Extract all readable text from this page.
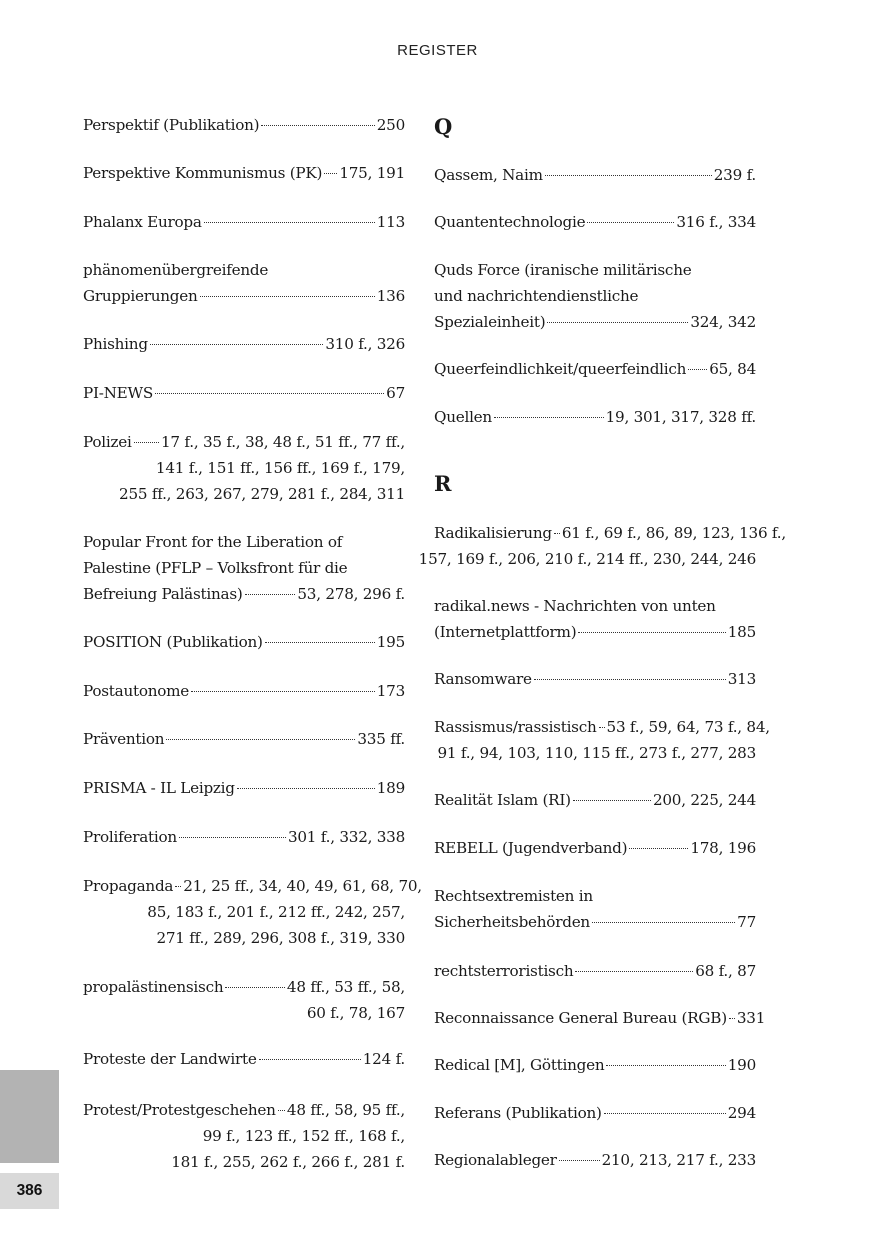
REGISTER
Perspektif (Publikation)	250
Perspektive Kommunismus (PK) 175, 191
Phalanx Europa	113
phänomenübergreifende
Gruppierungen	136
Phishing	310 f., 326
PI-NEWS	67
Polizei 17 f., 35 f., 38, 48 f., 51 ff., 77 ff.,
141 f., 151 ff., 156 ff., 169 f., 179,
255 ff., 263, 267, 279, 281 f., 284, 311
Popular Front for the Liberation of
Palestine (PFLP – Volksfront für die
Befreiung Palästinas)	53, 278, 296 f.
POSITION (Publikation)	195
Postautonome	173
Prävention	335 ff.
PRISMA - IL Leipzig	189
Proliferation	301 f., 332, 338
Propaganda 21, 25 ff., 34, 40, 49, 61, 68, 70,
85, 183 f., 201 f., 212 ff., 242, 257,
271 ff., 289, 296, 308 f., 319, 330
propalästinensisch	48 ff., 53 ff., 58,
60 f., 78, 167
Proteste der Landwirte	124 f.
Protest/Protestgeschehen 48 ff., 58, 95 ff.,
99 f., 123 ff., 152 ff., 168 f.,
181 f., 255, 262 f., 266 f., 281 f.
Q
R
Qassem, Naim	239 f.
Quantentechnologie	316 f., 334
Quds Force (iranische militärische
und nachrichtendienstliche
Spezialeinheit)	324, 342
Queerfeindlichkeit/queerfeindlich 65, 84
Quellen	19, 301, 317, 328 ff.
Radikalisierung 61 f., 69 f., 86, 89, 123, 136 f.,
157, 169 f., 206, 210 f., 214 ff., 230, 244, 246
radikal.news - Nachrichten von unten
(Internetplattform)	185
Ransomware	313
Rassismus/rassistisch 53 f., 59, 64, 73 f., 84,
91 f., 94, 103, 110, 115 ff., 273 f., 277, 283
Realität Islam (RI)	200, 225, 244
REBELL (Jugendverband)	178, 196
Rechtsextremisten in
Sicherheitsbehörden	77
rechtsterroristisch	68 f., 87
Reconnaissance General Bureau (RGB) 331
Redical [M], Göttingen	190
Referans (Publikation)	294
Regionalableger	210, 213, 217 f., 233
386
